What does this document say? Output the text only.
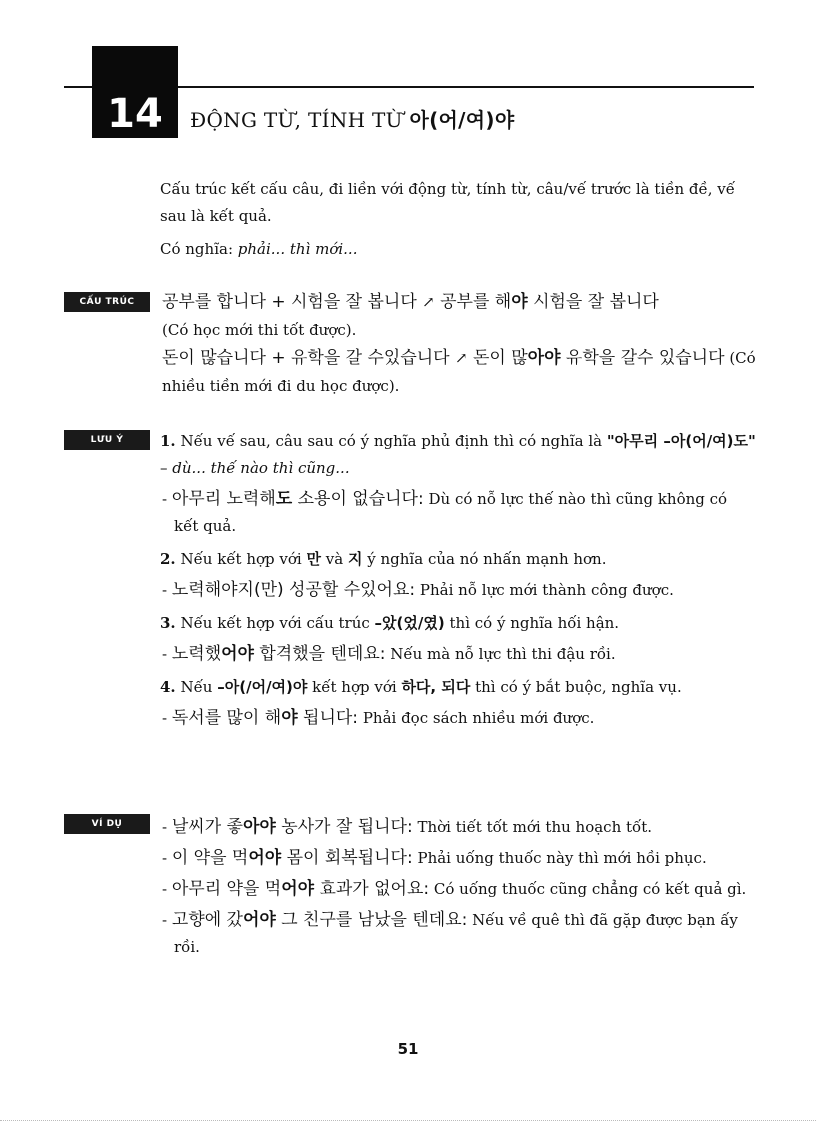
14	ĐỘNG TỪ, TÍNH TỪ 아(어/여)야

Cấu trúc kết cấu câu, đi liền với động từ, tính từ, câu/vế trước là tiền đề, vế sau là kết quả.

Có nghĩa: phải... thì mới...

CẤU TRÚC	공부를 합니다 + 시험을 잘 봅니다 ↗ 공부를 해야 시험을 잘 봅니다

(Có học mới thi tốt được).

돈이 많습니다 + 유학을 갈 수있습니다 ↗ 돈이 많아야 유학을 갈수 있습니다 (Có nhiều tiền mới đi du học được).

LƯU Ý	1. Nếu vế sau, câu sau có ý nghĩa phủ định thì có nghĩa là "아무리 –아(어/여)도" – dù... thế nào thì cũng...

- 아무리 노력해도 소용이 없습니다: Dù có nỗ lực thế nào thì cũng không có kết quả.

2. Nếu kết hợp với 만 và 지 ý nghĩa của nó nhấn mạnh hơn.

- 노력해야지(만) 성공할 수있어요: Phải nỗ lực mới thành công được.

3. Nếu kết hợp với cấu trúc –았(었/였) thì có ý nghĩa hối hận.

- 노력했어야 합격했을 텐데요: Nếu mà nỗ lực thì thi đậu rồi.

4. Nếu –아(/어/여)야 kết hợp với 하다, 되다 thì có ý bắt buộc, nghĩa vụ.

- 독서를 많이 해야 됩니다: Phải đọc sách nhiều mới được.

VÍ DỤ	- 날씨가 좋아야 농사가 잘 됩니다: Thời tiết tốt mới thu hoạch tốt.

- 이 약을 먹어야 몸이 회복됩니다: Phải uống thuốc này thì mới hồi phục.

- 아무리 약을 먹어야 효과가 없어요: Có uống thuốc cũng chẳng có kết quả gì.

- 고향에 갔어야 그 친구를 남났을 텐데요: Nếu về quê thì đã gặp được bạn ấy rồi.

51
